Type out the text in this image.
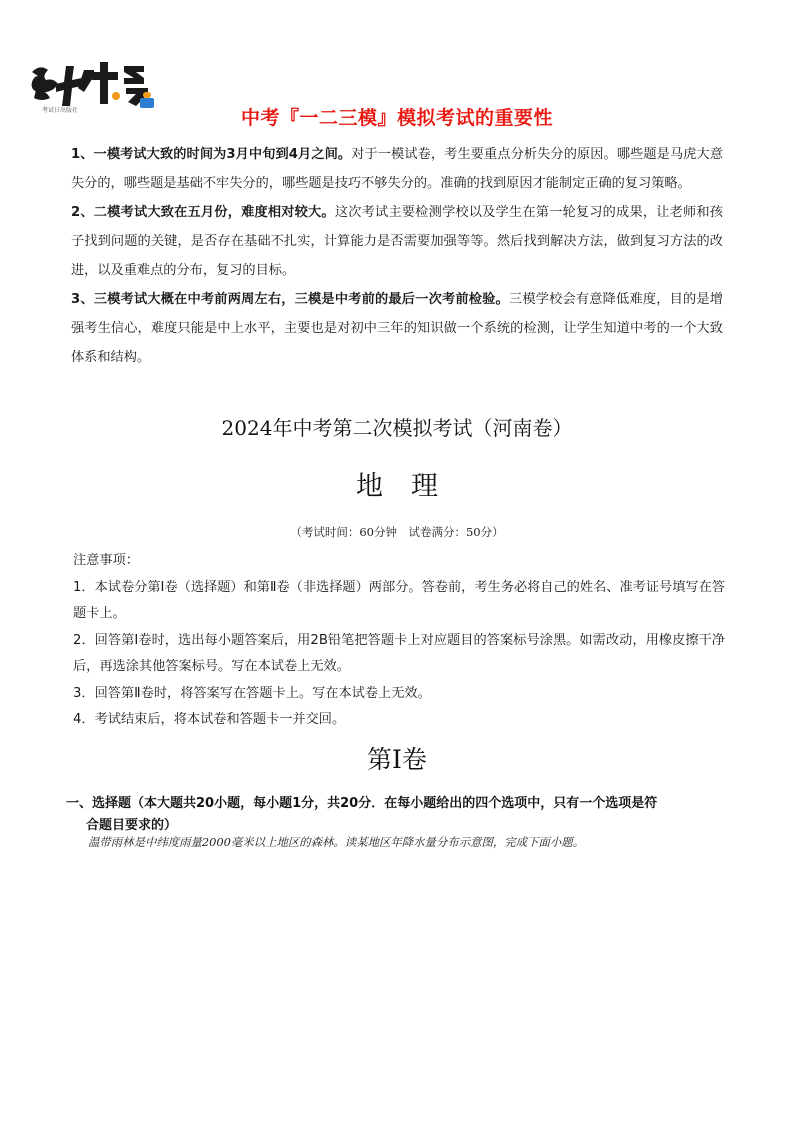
考试日出版社	中考『一二三模』模拟考试的重要性

1、一模考试大致的时间为3月中旬到4月之间。对于一模试卷，考生要重点分析失分的原因。哪些题是马虎大意失分的，哪些题是基础不牢失分的，哪些题是技巧不够失分的。准确的找到原因才能制定正确的复习策略。

2、二模考试大致在五月份，难度相对较大。这次考试主要检测学校以及学生在第一轮复习的成果，让老师和孩子找到问题的关键，是否存在基础不扎实，计算能力是否需要加强等等。然后找到解决方法，做到复习方法的改进，以及重难点的分布，复习的目标。

3、三模考试大概在中考前两周左右，三模是中考前的最后一次考前检验。三模学校会有意降低难度，目的是增强考生信心，难度只能是中上水平，主要也是对初中三年的知识做一个系统的检测，让学生知道中考的一个大致体系和结构。

2024年中考第二次模拟考试（河南卷）
地理
（考试时间：60分钟　试卷满分：50分）

注意事项：

1．本试卷分第Ⅰ卷（选择题）和第Ⅱ卷（非选择题）两部分。答卷前，考生务必将自己的姓名、准考证号填写在答题卡上。

2．回答第Ⅰ卷时，选出每小题答案后，用2B铅笔把答题卡上对应题目的答案标号涂黑。如需改动，用橡皮擦干净后，再选涂其他答案标号。写在本试卷上无效。

3．回答第Ⅱ卷时，将答案写在答题卡上。写在本试卷上无效。

4．考试结束后，将本试卷和答题卡一并交回。

第Ⅰ卷
一、选择题（本大题共20小题，每小题1分，共20分．在每小题给出的四个选项中，只有一个选项是符
合题目要求的）
温带雨林是中纬度雨量2000毫米以上地区的森林。读某地区年降水量分布示意图，完成下面小题。
